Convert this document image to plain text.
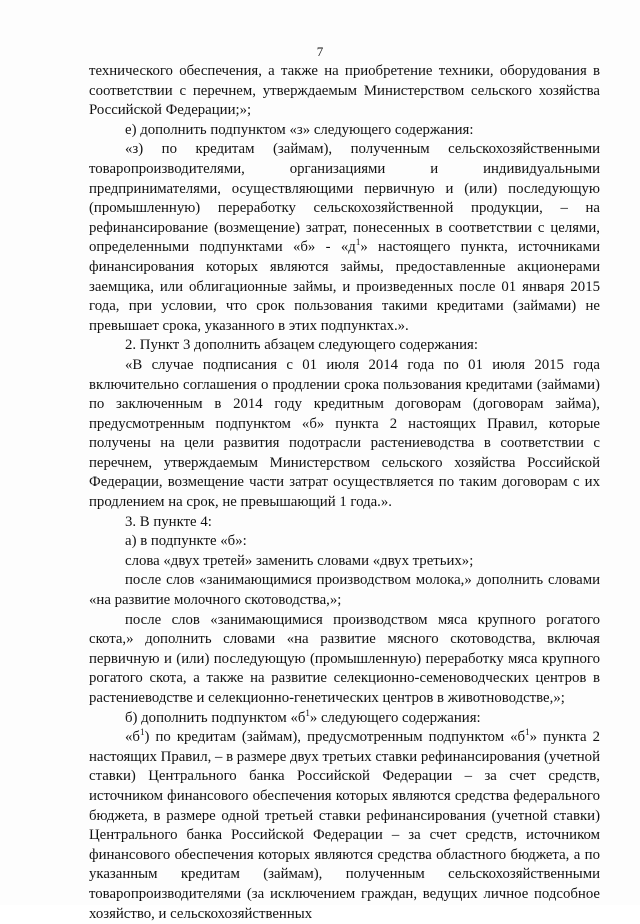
7

технического обеспечения, а также на приобретение техники, оборудования в соответствии с перечнем, утверждаемым Министерством сельского хозяйства Российской Федерации;»;

е) дополнить подпунктом «з» следующего содержания:

«з) по кредитам (займам), полученным сельскохозяйственными товаропроизводителями, организациями и индивидуальными предпринимателями, осуществляющими первичную и (или) последующую (промышленную) переработку сельскохозяйственной продукции, – на рефинансирование (возмещение) затрат, понесенных в соответствии с целями, определенными подпунктами «б» - «$д^1$» настоящего пункта, источниками финансирования которых являются займы, предоставленные акционерами заемщика, или облигационные займы, и произведенных после 01 января 2015 года, при условии, что срок пользования такими кредитами (займами) не превышает срока, указанного в этих подпунктах.».

2. Пункт 3 дополнить абзацем следующего содержания:

«В случае подписания с 01 июля 2014 года по 01 июля 2015 года включительно соглашения о продлении срока пользования кредитами (займами) по заключенным в 2014 году кредитным договорам (договорам займа), предусмотренным подпунктом «б» пункта 2 настоящих Правил, которые получены на цели развития подотрасли растениеводства в соответствии с перечнем, утверждаемым Министерством сельского хозяйства Российской Федерации, возмещение части затрат осуществляется по таким договорам с их продлением на срок, не превышающий 1 года.».

3. В пункте 4:

а) в подпункте «б»:

слова «двух третей» заменить словами «двух третьих»;

после слов «занимающимися производством молока,» дополнить словами «на развитие молочного скотоводства,»;

после слов «занимающимися производством мяса крупного рогатого скота,» дополнить словами «на развитие мясного скотоводства, включая первичную и (или) последующую (промышленную) переработку мяса крупного рогатого скота, а также на развитие селекционно-семеноводческих центров в растениеводстве и селекционно-генетических центров в животноводстве,»;

б) дополнить подпунктом «$б^1$» следующего содержания:

«$б^1$) по кредитам (займам), предусмотренным подпунктом «$б^1$» пункта 2 настоящих Правил, – в размере двух третьих ставки рефинансирования (учетной ставки) Центрального банка Российской Федерации – за счет средств, источником финансового обеспечения которых являются средства федерального бюджета, в размере одной третьей ставки рефинансирования (учетной ставки) Центрального банка Российской Федерации – за счет средств, источником финансового обеспечения которых являются средства областного бюджета, а по указанным кредитам (займам), полученным сельскохозяйственными товаропроизводителями (за исключением граждан, ведущих личное подсобное хозяйство, и сельскохозяйственных
